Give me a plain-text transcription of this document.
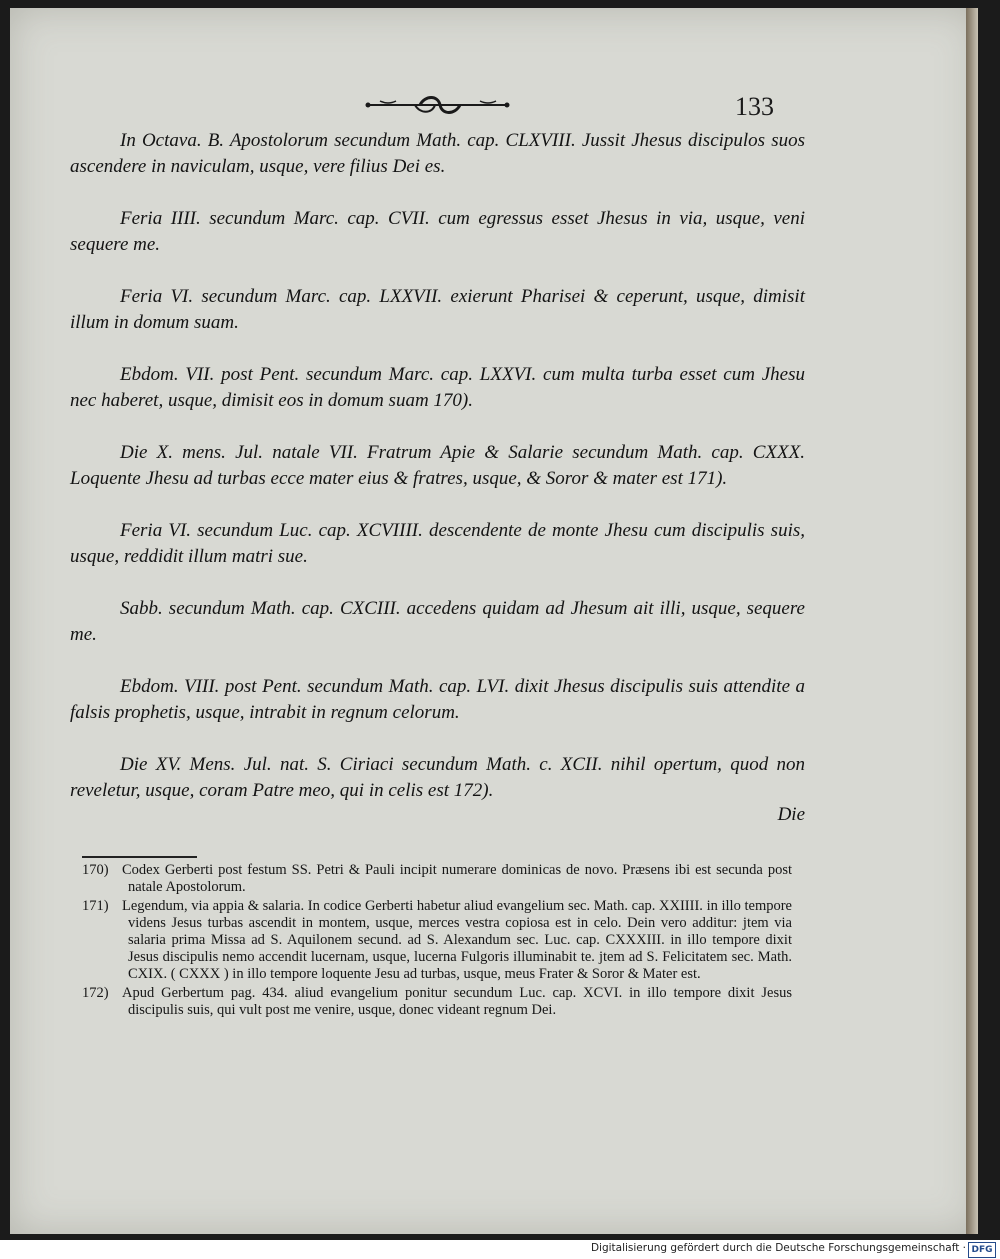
133

In Octava. B. Apostolorum secundum Math. cap. CLXVIII. Jussit Jhesus discipulos suos ascendere in naviculam, usque, vere filius Dei es.

Feria IIII. secundum Marc. cap. CVII. cum egressus esset Jhesus in via, usque, veni sequere me.

Feria VI. secundum Marc. cap. LXXVII. exierunt Pharisei & ceperunt, usque, dimisit illum in domum suam.

Ebdom. VII. post Pent. secundum Marc. cap. LXXVI. cum multa turba esset cum Jhesu nec haberet, usque, dimisit eos in domum suam 170).

Die X. mens. Jul. natale VII. Fratrum Apie & Salarie secundum Math. cap. CXXX. Loquente Jhesu ad turbas ecce mater eius & fratres, usque, & Soror & mater est 171).

Feria VI. secundum Luc. cap. XCVIIII. descendente de monte Jhesu cum discipulis suis, usque, reddidit illum matri sue.

Sabb. secundum Math. cap. CXCIII. accedens quidam ad Jhesum ait illi, usque, sequere me.

Ebdom. VIII. post Pent. secundum Math. cap. LVI. dixit Jhesus discipulis suis attendite a falsis prophetis, usque, intrabit in regnum celorum.

Die XV. Mens. Jul. nat. S. Ciriaci secundum Math. c. XCII. nihil opertum, quod non reveletur, usque, coram Patre meo, qui in celis est 172).
Die

170) Codex Gerberti post festum SS. Petri & Pauli incipit numerare dominicas de novo. Præsens ibi est secunda post natale Apostolorum.

171) Legendum, via appia & salaria. In codice Gerberti habetur aliud evangelium sec. Math. cap. XXIIII. in illo tempore videns Jesus turbas ascendit in montem, usque, merces vestra copiosa est in celo. Dein vero additur: jtem via salaria prima Missa ad S. Aquilonem secund. ad S. Alexandum sec. Luc. cap. CXXXIII. in illo tempore dixit Jesus discipulis nemo accendit lucernam, usque, lucerna Fulgoris illuminabit te. jtem ad S. Felicitatem sec. Math. CXIX. ( CXXX ) in illo tempore loquente Jesu ad turbas, usque, meus Frater & Soror & Mater est.

172) Apud Gerbertum pag. 434. aliud evangelium ponitur secundum Luc. cap. XCVI. in illo tempore dixit Jesus discipulis suis, qui vult post me venire, usque, donec videant regnum Dei.

Digitalisierung gefördert durch die Deutsche Forschungsgemeinschaft · DFG
